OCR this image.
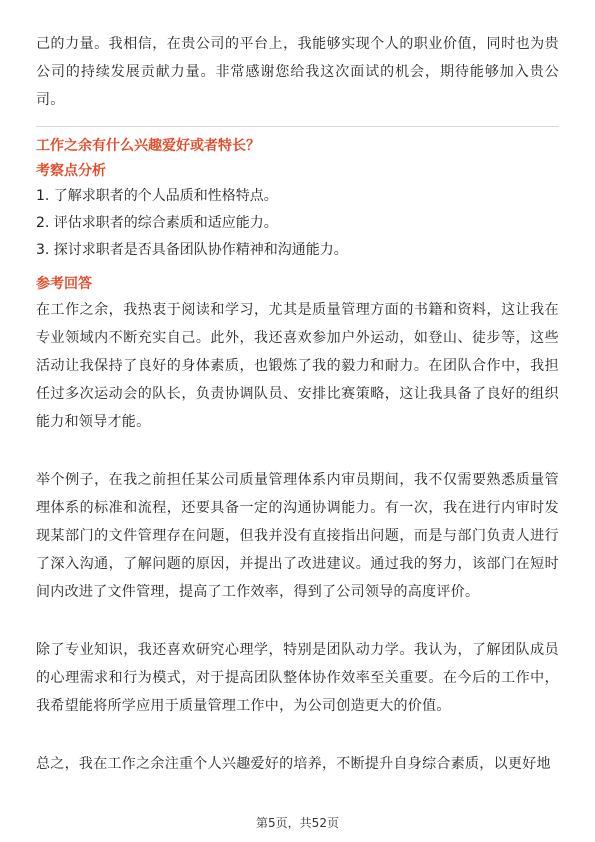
己的力量。我相信，在贵公司的平台上，我能够实现个人的职业价值，同时也为贵公司的持续发展贡献力量。非常感谢您给我这次面试的机会，期待能够加入贵公司。

工作之余有什么兴趣爱好或者特长？

考察点分析

1. 了解求职者的个人品质和性格特点。

2. 评估求职者的综合素质和适应能力。

3. 探讨求职者是否具备团队协作精神和沟通能力。

参考回答

在工作之余，我热衷于阅读和学习，尤其是质量管理方面的书籍和资料，这让我在专业领域内不断充实自己。此外，我还喜欢参加户外运动，如登山、徒步等，这些活动让我保持了良好的身体素质，也锻炼了我的毅力和耐力。在团队合作中，我担任过多次运动会的队长，负责协调队员、安排比赛策略，这让我具备了良好的组织能力和领导才能。

举个例子，在我之前担任某公司质量管理体系内审员期间，我不仅需要熟悉质量管理体系的标准和流程，还要具备一定的沟通协调能力。有一次，我在进行内审时发现某部门的文件管理存在问题，但我并没有直接指出问题，而是与部门负责人进行了深入沟通，了解问题的原因，并提出了改进建议。通过我的努力，该部门在短时间内改进了文件管理，提高了工作效率，得到了公司领导的高度评价。

除了专业知识，我还喜欢研究心理学，特别是团队动力学。我认为，了解团队成员的心理需求和行为模式，对于提高团队整体协作效率至关重要。在今后的工作中，我希望能将所学应用于质量管理工作中，为公司创造更大的价值。

总之，我在工作之余注重个人兴趣爱好的培养，不断提升自身综合素质，以更好地

第5页，共52页
